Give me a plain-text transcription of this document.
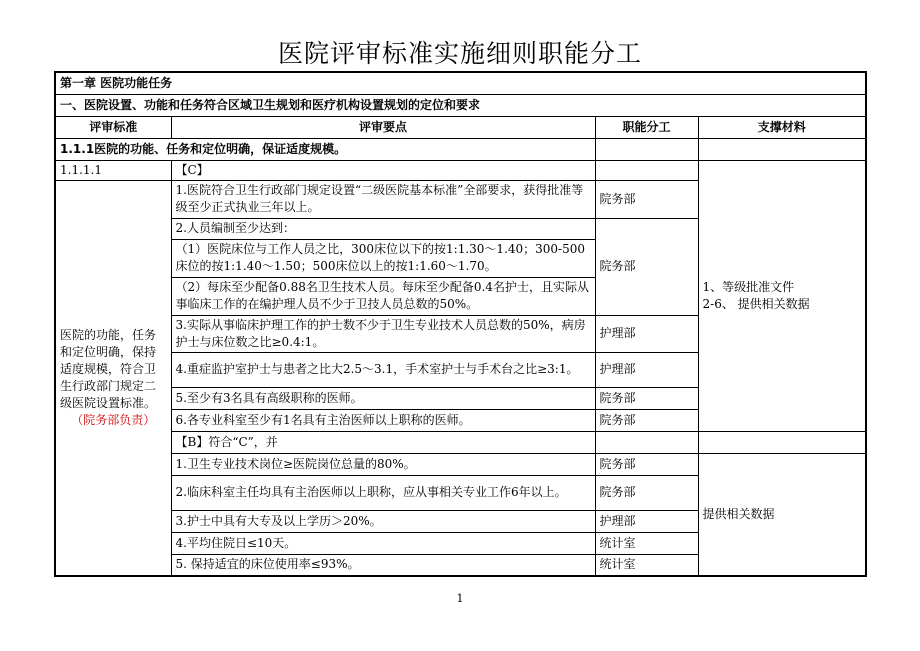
医院评审标准实施细则职能分工
第一章 医院功能任务			
一、医院设置、功能和任务符合区域卫生规划和医疗机构设置规划的定位和要求			
评审标准	评审要点	职能分工	支撑材料
1.1.1医院的功能、任务和定位明确，保证适度规模。			
1.1.1.1	【C】		1、等级批准文件
2-6、 提供相关数据

医院的功能，任务和定位明确，保持适度规模，符合卫生行政部门规定二级医院设置标准。
（院务部负责）	1.医院符合卫生行政部门规定设置“二级医院基本标准”全部要求，获得批准等级至少正式执业三年以上。	院务部	
	2.人员编制至少达到：	院务部	
	（1）医院床位与工作人员之比，300床位以下的按1:1.30～1.40；300-500床位的按1:1.40～1.50；500床位以上的按1:1.60～1.70。		
	（2）每床至少配备0.88名卫生技术人员。每床至少配备0.4名护士，且实际从事临床工作的在编护理人员不少于卫技人员总数的50%。		
	3.实际从事临床护理工作的护士数不少于卫生专业技术人员总数的50%，病房护士与床位数之比≥0.4:1。	护理部	
	4.重症监护室护士与患者之比大2.5～3.1，手术室护士与手术台之比≥3:1。	护理部	
	5.至少有3名具有高级职称的医师。	院务部	
	6.各专业科室至少有1名具有主治医师以上职称的医师。	院务部	
	【B】符合“C”，并		
	1.卫生专业技术岗位≥医院岗位总量的80%。	院务部	提供相关数据
	2.临床科室主任均具有主治医师以上职称，应从事相关专业工作6年以上。	院务部	
	3.护士中具有大专及以上学历＞20%。	护理部	
	4.平均住院日≤10天。	统计室	
	5. 保持适宜的床位使用率≤93%。	统计室	
1
